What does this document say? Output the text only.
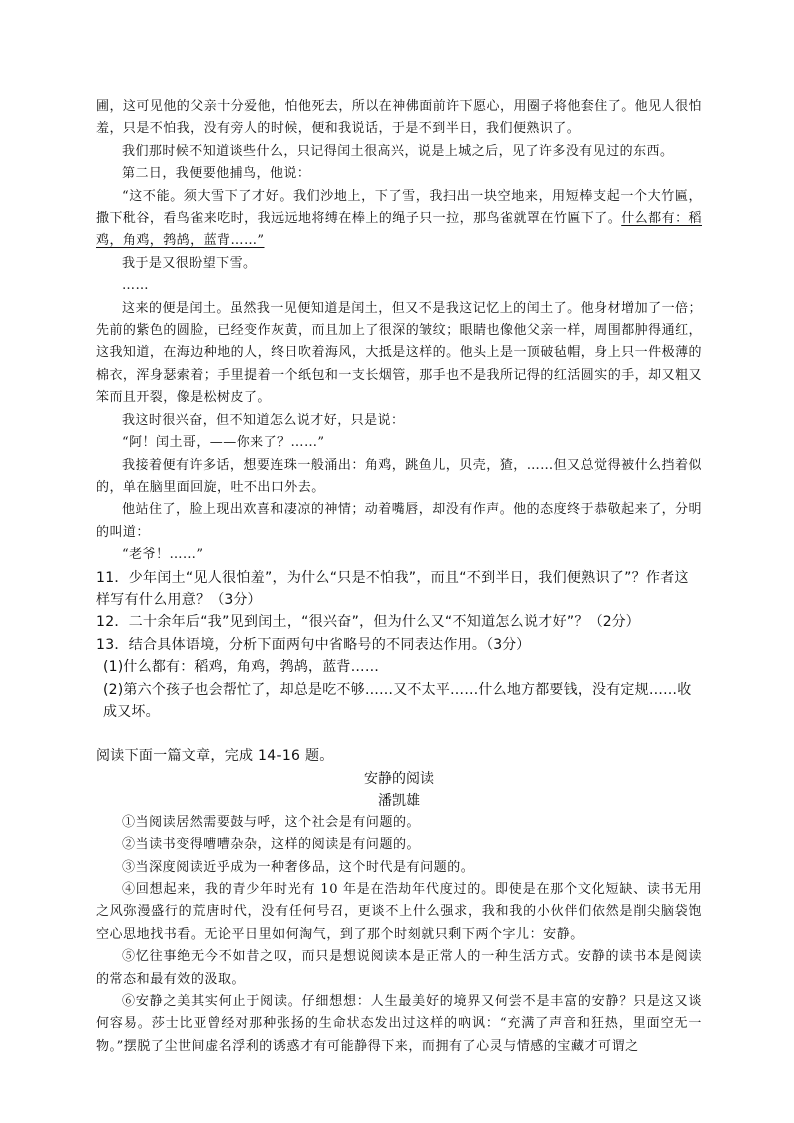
圃，这可见他的父亲十分爱他，怕他死去，所以在神佛面前许下愿心，用圈子将他套住了。他见人很怕羞，只是不怕我，没有旁人的时候，便和我说话，于是不到半日，我们便熟识了。

我们那时候不知道谈些什么，只记得闰土很高兴，说是上城之后，见了许多没有见过的东西。

第二日，我便要他捕鸟，他说：

“这不能。须大雪下了才好。我们沙地上，下了雪，我扫出一块空地来，用短棒支起一个大竹匾，撒下秕谷，看鸟雀来吃时，我远远地将缚在棒上的绳子只一拉，那鸟雀就罩在竹匾下了。什么都有：稻鸡，角鸡，鹁鸪，蓝背……”

我于是又很盼望下雪。

……

这来的便是闰土。虽然我一见便知道是闰土，但又不是我这记忆上的闰土了。他身材增加了一倍；先前的紫色的圆脸，已经变作灰黄，而且加上了很深的皱纹；眼睛也像他父亲一样，周围都肿得通红，这我知道，在海边种地的人，终日吹着海风，大抵是这样的。他头上是一顶破毡帽，身上只一件极薄的棉衣，浑身瑟索着；手里提着一个纸包和一支长烟管，那手也不是我所记得的红活圆实的手，却又粗又笨而且开裂，像是松树皮了。

我这时很兴奋，但不知道怎么说才好，只是说：

“阿！闰土哥，——你来了？……”

我接着便有许多话，想要连珠一般涌出：角鸡，跳鱼儿，贝壳，猹，……但又总觉得被什么挡着似的，单在脑里面回旋，吐不出口外去。

他站住了，脸上现出欢喜和凄凉的神情；动着嘴唇，却没有作声。他的态度终于恭敬起来了，分明的叫道：

“老爷！……”

11．少年闰土“见人很怕羞”，为什么“只是不怕我”，而且“不到半日，我们便熟识了”？作者这样写有什么用意？（3分）

12．二十余年后“我”见到闰土，“很兴奋”，但为什么又“不知道怎么说才好”？（2分）

13．结合具体语境，分析下面两句中省略号的不同表达作用。（3分）

(1)什么都有：稻鸡，角鸡，鹁鸪，蓝背……

(2)第六个孩子也会帮忙了，却总是吃不够……又不太平……什么地方都要钱，没有定规……收成又坏。

阅读下面一篇文章，完成 14-16 题。

安静的阅读

潘凯雄

①当阅读居然需要鼓与呼，这个社会是有问题的。

②当读书变得嘈嘈杂杂，这样的阅读是有问题的。

③当深度阅读近乎成为一种奢侈品，这个时代是有问题的。

④回想起来，我的青少年时光有 10 年是在浩劫年代度过的。即使是在那个文化短缺、读书无用之风弥漫盛行的荒唐时代，没有任何号召，更谈不上什么强求，我和我的小伙伴们依然是削尖脑袋饱空心思地找书看。无论平日里如何淘气，到了那个时刻就只剩下两个字儿：安静。

⑤忆往事绝无今不如昔之叹，而只是想说阅读本是正常人的一种生活方式。安静的读书本是阅读的常态和最有效的汲取。

⑥安静之美其实何止于阅读。仔细想想：人生最美好的境界又何尝不是丰富的安静？只是这又谈何容易。莎士比亚曾经对那种张扬的生命状态发出过这样的吶讽：“充满了声音和狂热，里面空无一物。”摆脱了尘世间虚名浮利的诱惑才有可能静得下来，而拥有了心灵与情感的宝藏才可谓之
